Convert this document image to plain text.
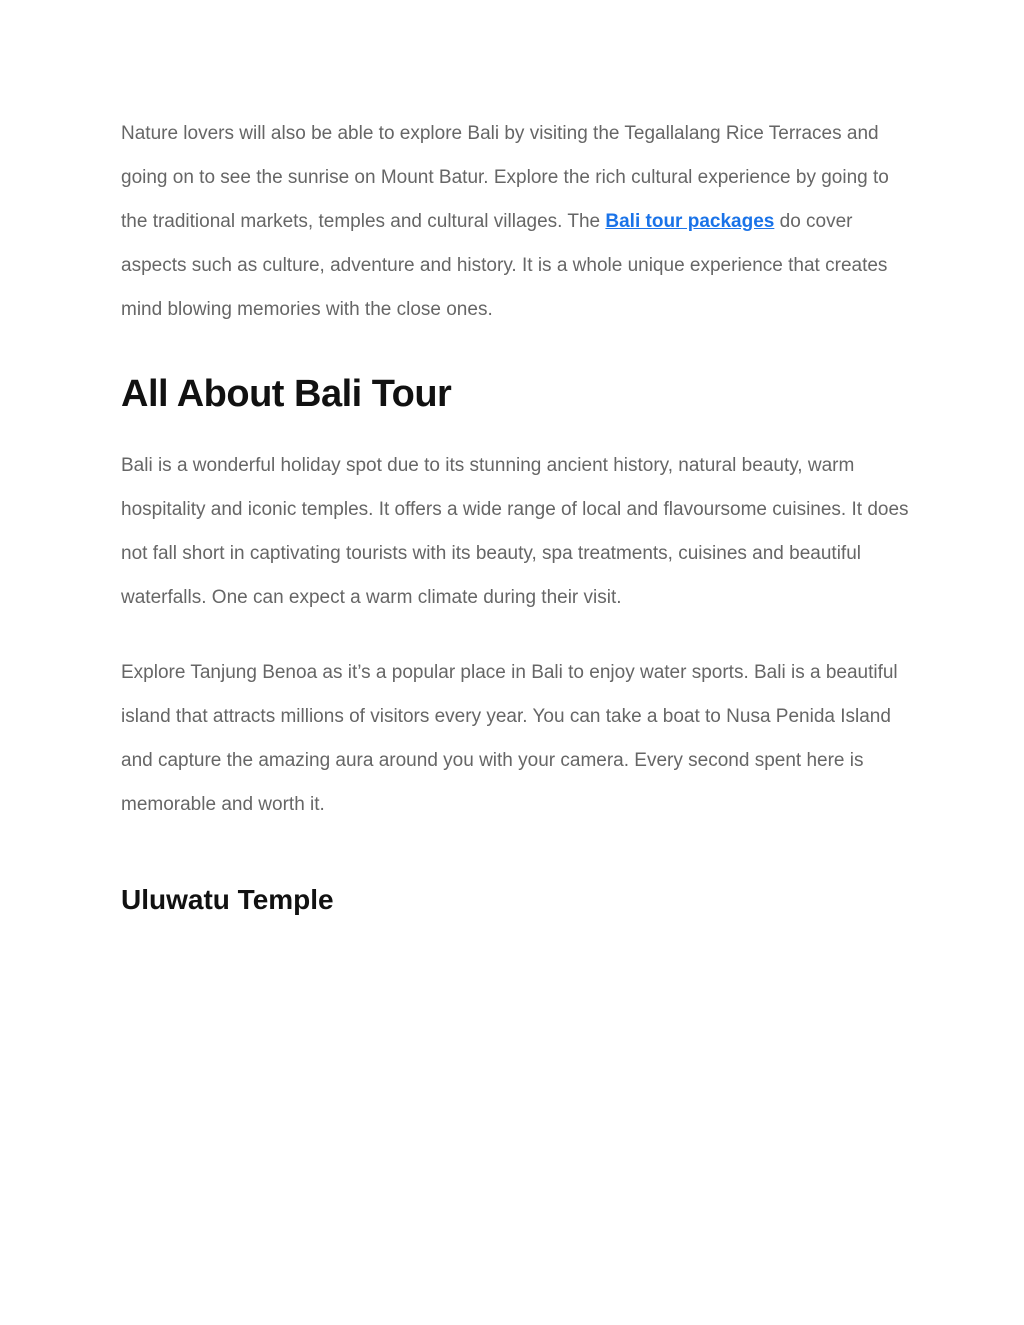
Nature lovers will also be able to explore Bali by visiting the Tegallalang Rice Terraces and going on to see the sunrise on Mount Batur. Explore the rich cultural experience by going to the traditional markets, temples and cultural villages. The Bali tour packages do cover aspects such as culture, adventure and history. It is a whole unique experience that creates mind blowing memories with the close ones.

All About Bali Tour

Bali is a wonderful holiday spot due to its stunning ancient history, natural beauty, warm hospitality and iconic temples. It offers a wide range of local and flavoursome cuisines. It does not fall short in captivating tourists with its beauty, spa treatments, cuisines and beautiful waterfalls. One can expect a warm climate during their visit.

Explore Tanjung Benoa as it’s a popular place in Bali to enjoy water sports. Bali is a beautiful island that attracts millions of visitors every year. You can take a boat to Nusa Penida Island and capture the amazing aura around you with your camera. Every second spent here is memorable and worth it.

Uluwatu Temple
